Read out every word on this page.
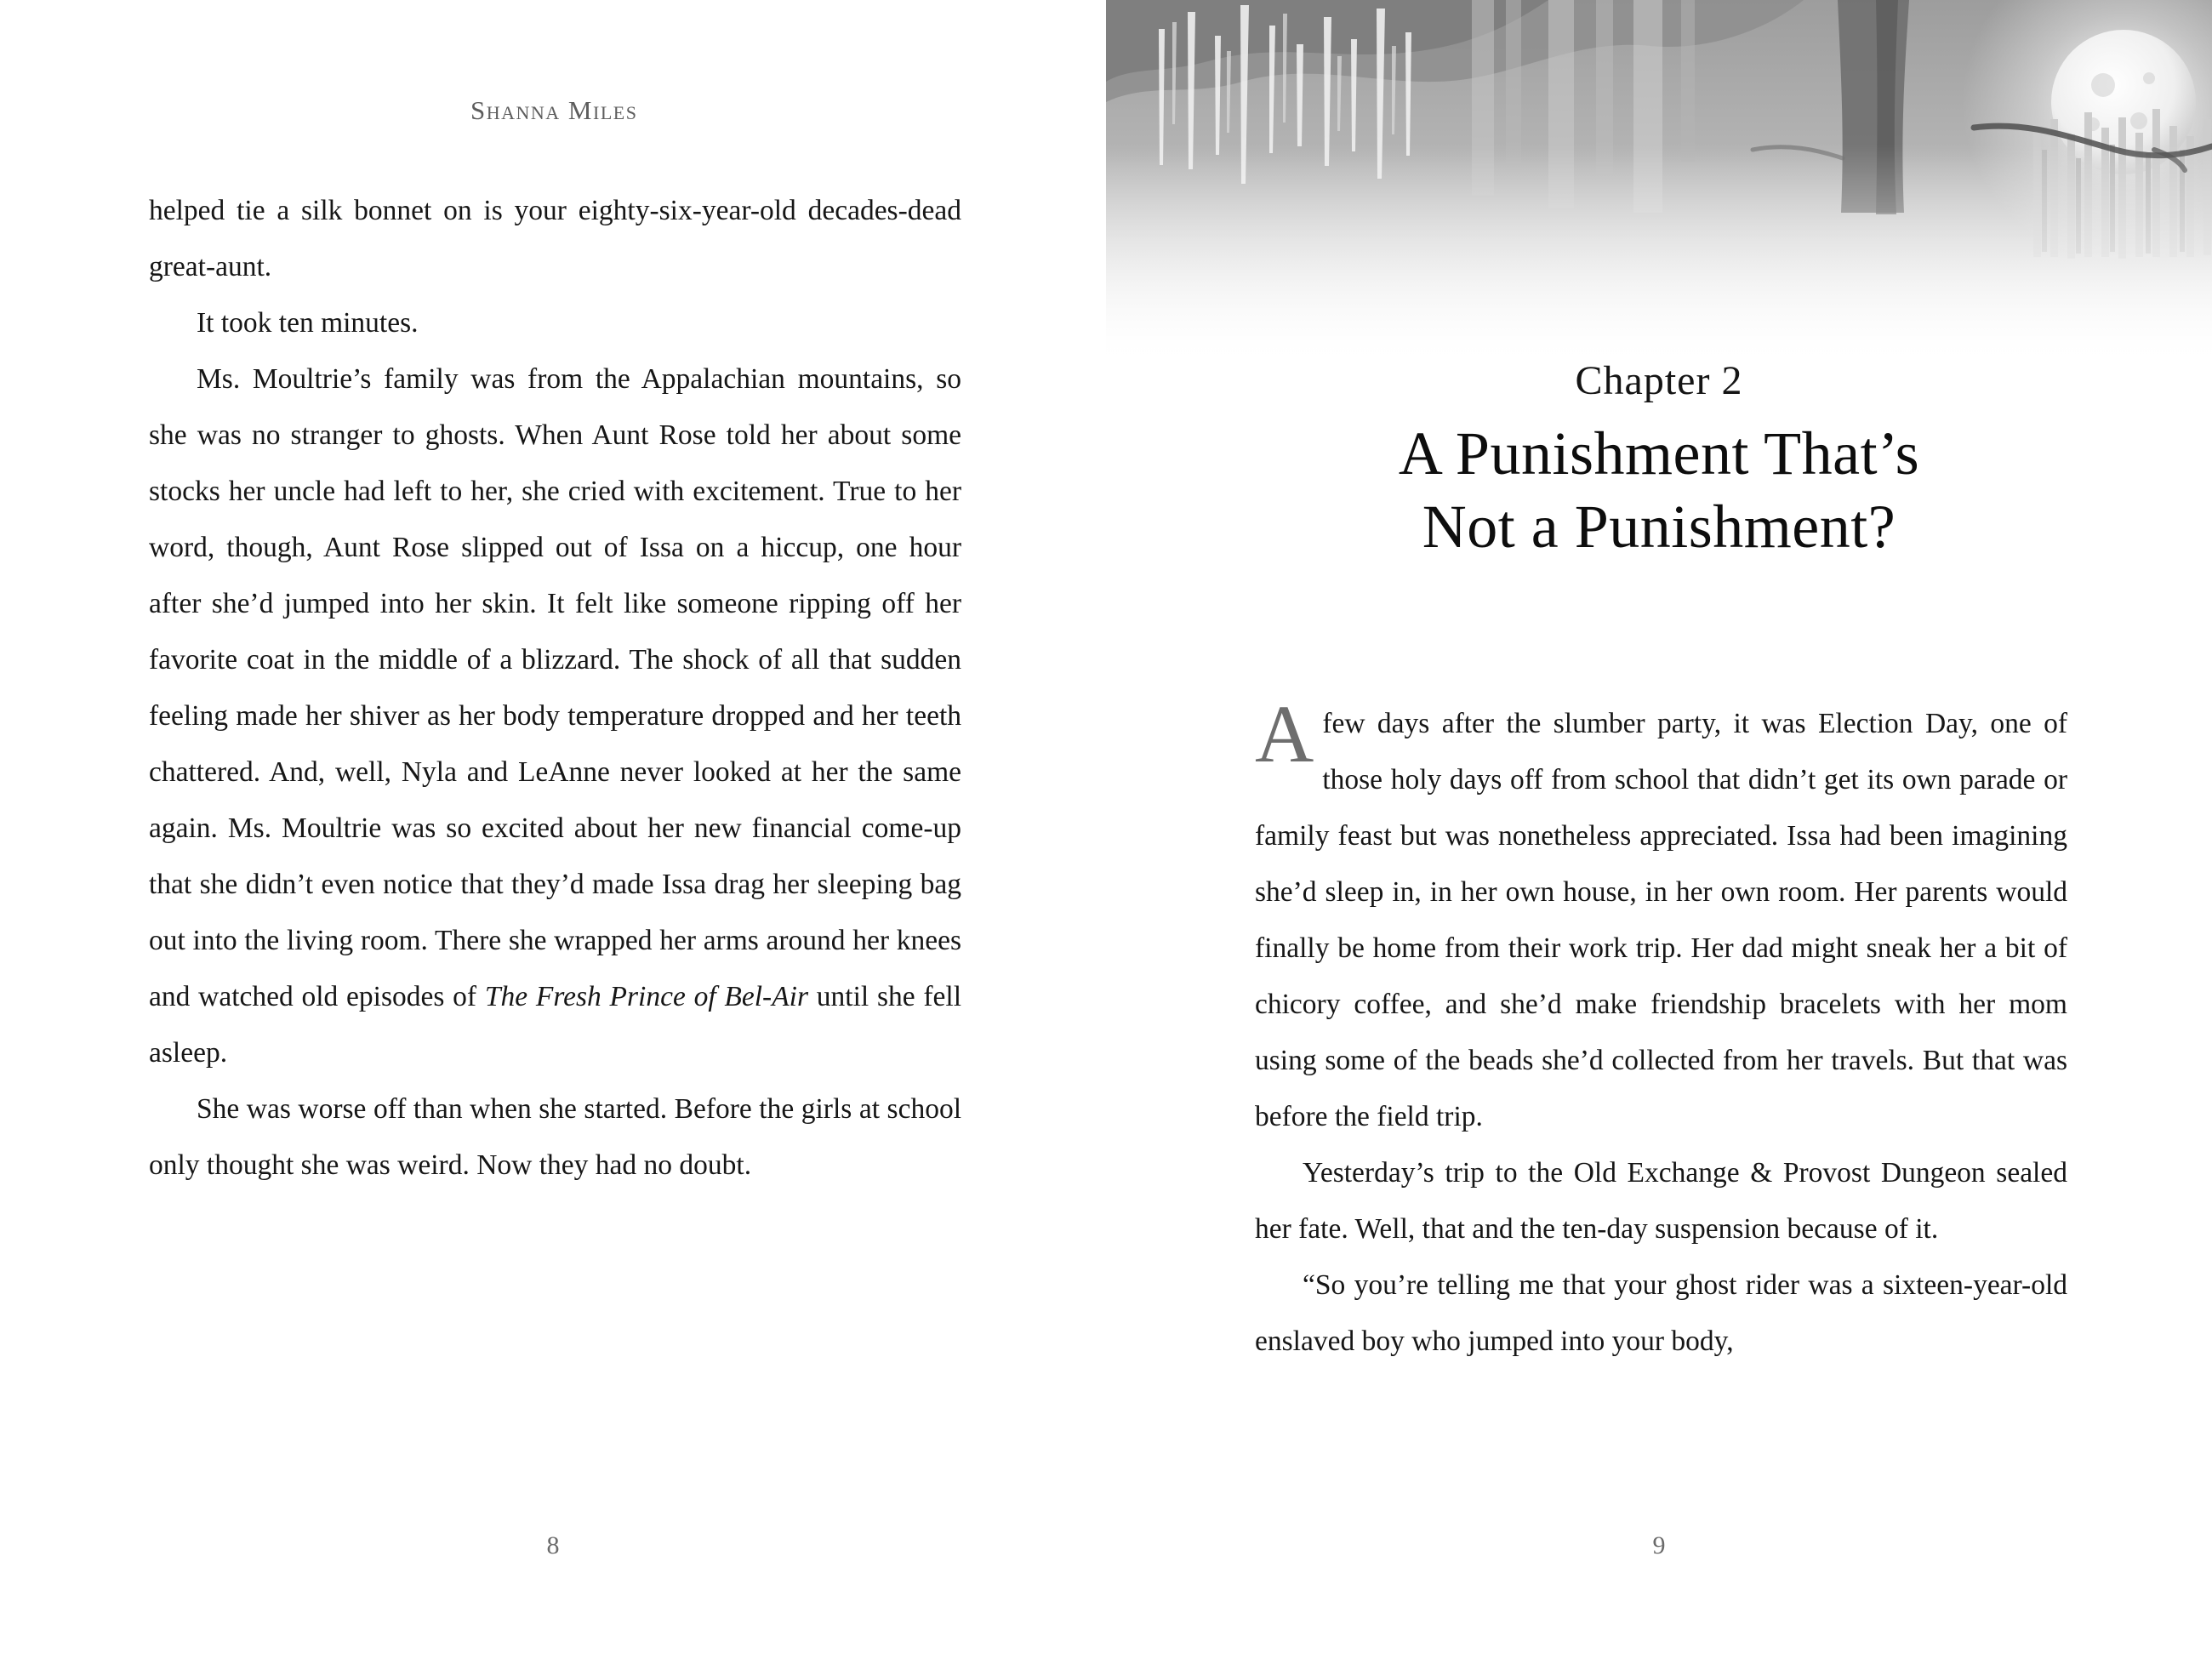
Shanna Miles

helped tie a silk bonnet on is your eighty-six-year-old decades-dead great-aunt.

It took ten minutes.

Ms. Moultrie’s family was from the Appalachian mountains, so she was no stranger to ghosts. When Aunt Rose told her about some stocks her uncle had left to her, she cried with excitement. True to her word, though, Aunt Rose slipped out of Issa on a hiccup, one hour after she’d jumped into her skin. It felt like someone ripping off her favorite coat in the middle of a blizzard. The shock of all that sudden feeling made her shiver as her body temperature dropped and her teeth chattered. And, well, Nyla and LeAnne never looked at her the same again. Ms. Moultrie was so excited about her new financial come-up that she didn’t even notice that they’d made Issa drag her sleeping bag out into the living room. There she wrapped her arms around her knees and watched old episodes of The Fresh Prince of Bel-Air until she fell asleep.

She was worse off than when she started. Before the girls at school only thought she was weird. Now they had no doubt.

8
Chapter 2
A Punishment That’s
Not a Punishment?

Afew days after the slumber party, it was Election Day, one of those holy days off from school that didn’t get its own parade or family feast but was nonetheless appreciated. Issa had been imagining she’d sleep in, in her own house, in her own room. Her parents would finally be home from their work trip. Her dad might sneak her a bit of chicory coffee, and she’d make friendship bracelets with her mom using some of the beads she’d collected from her travels. But that was before the field trip.

Yesterday’s trip to the Old Exchange & Provost Dungeon sealed her fate. Well, that and the ten-day suspension because of it.

“So you’re telling me that your ghost rider was a sixteen-year-old enslaved boy who jumped into your body,

9
